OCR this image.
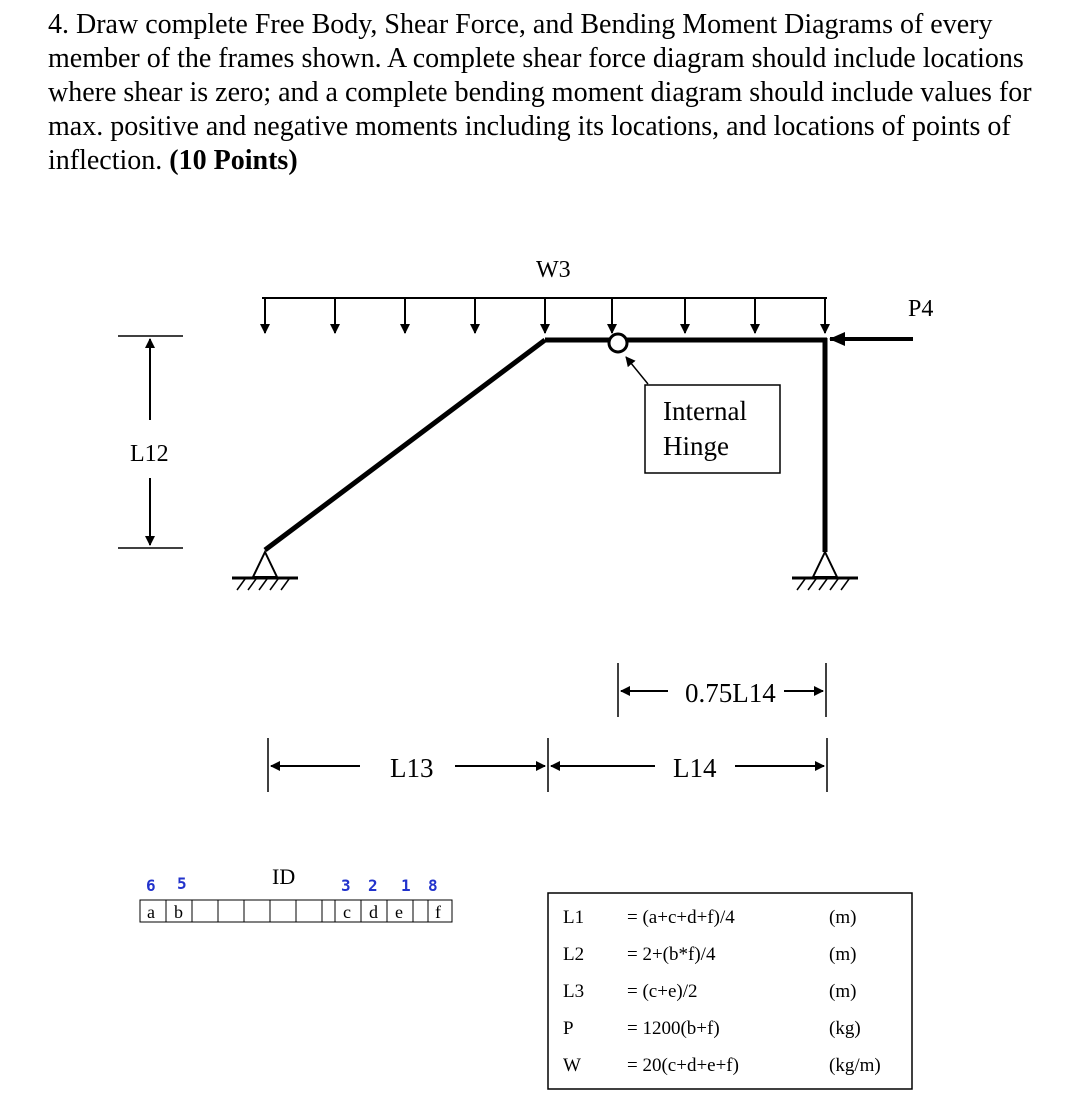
4. Draw complete Free Body, Shear Force, and Bending Moment Diagrams of every member of the frames shown. A complete shear force diagram should include locations where shear is zero; and a complete bending moment diagram should include values for max. positive and negative moments including its locations, and locations of points of inflection. (10 Points)

W3
Internal
Hinge
P4
L12
0.75L14
L13	L14
ID
6 5	3 2 1 8
a b	c d e f	L1 = (a+c+d+f)/4	(m)
L2 = 2+(b*f)/4	(m)
L3 = (c+e)/2	(m)
P	= 1200(b+f)	(kg)
W = 20(c+d+e+f)	(kg/m)
